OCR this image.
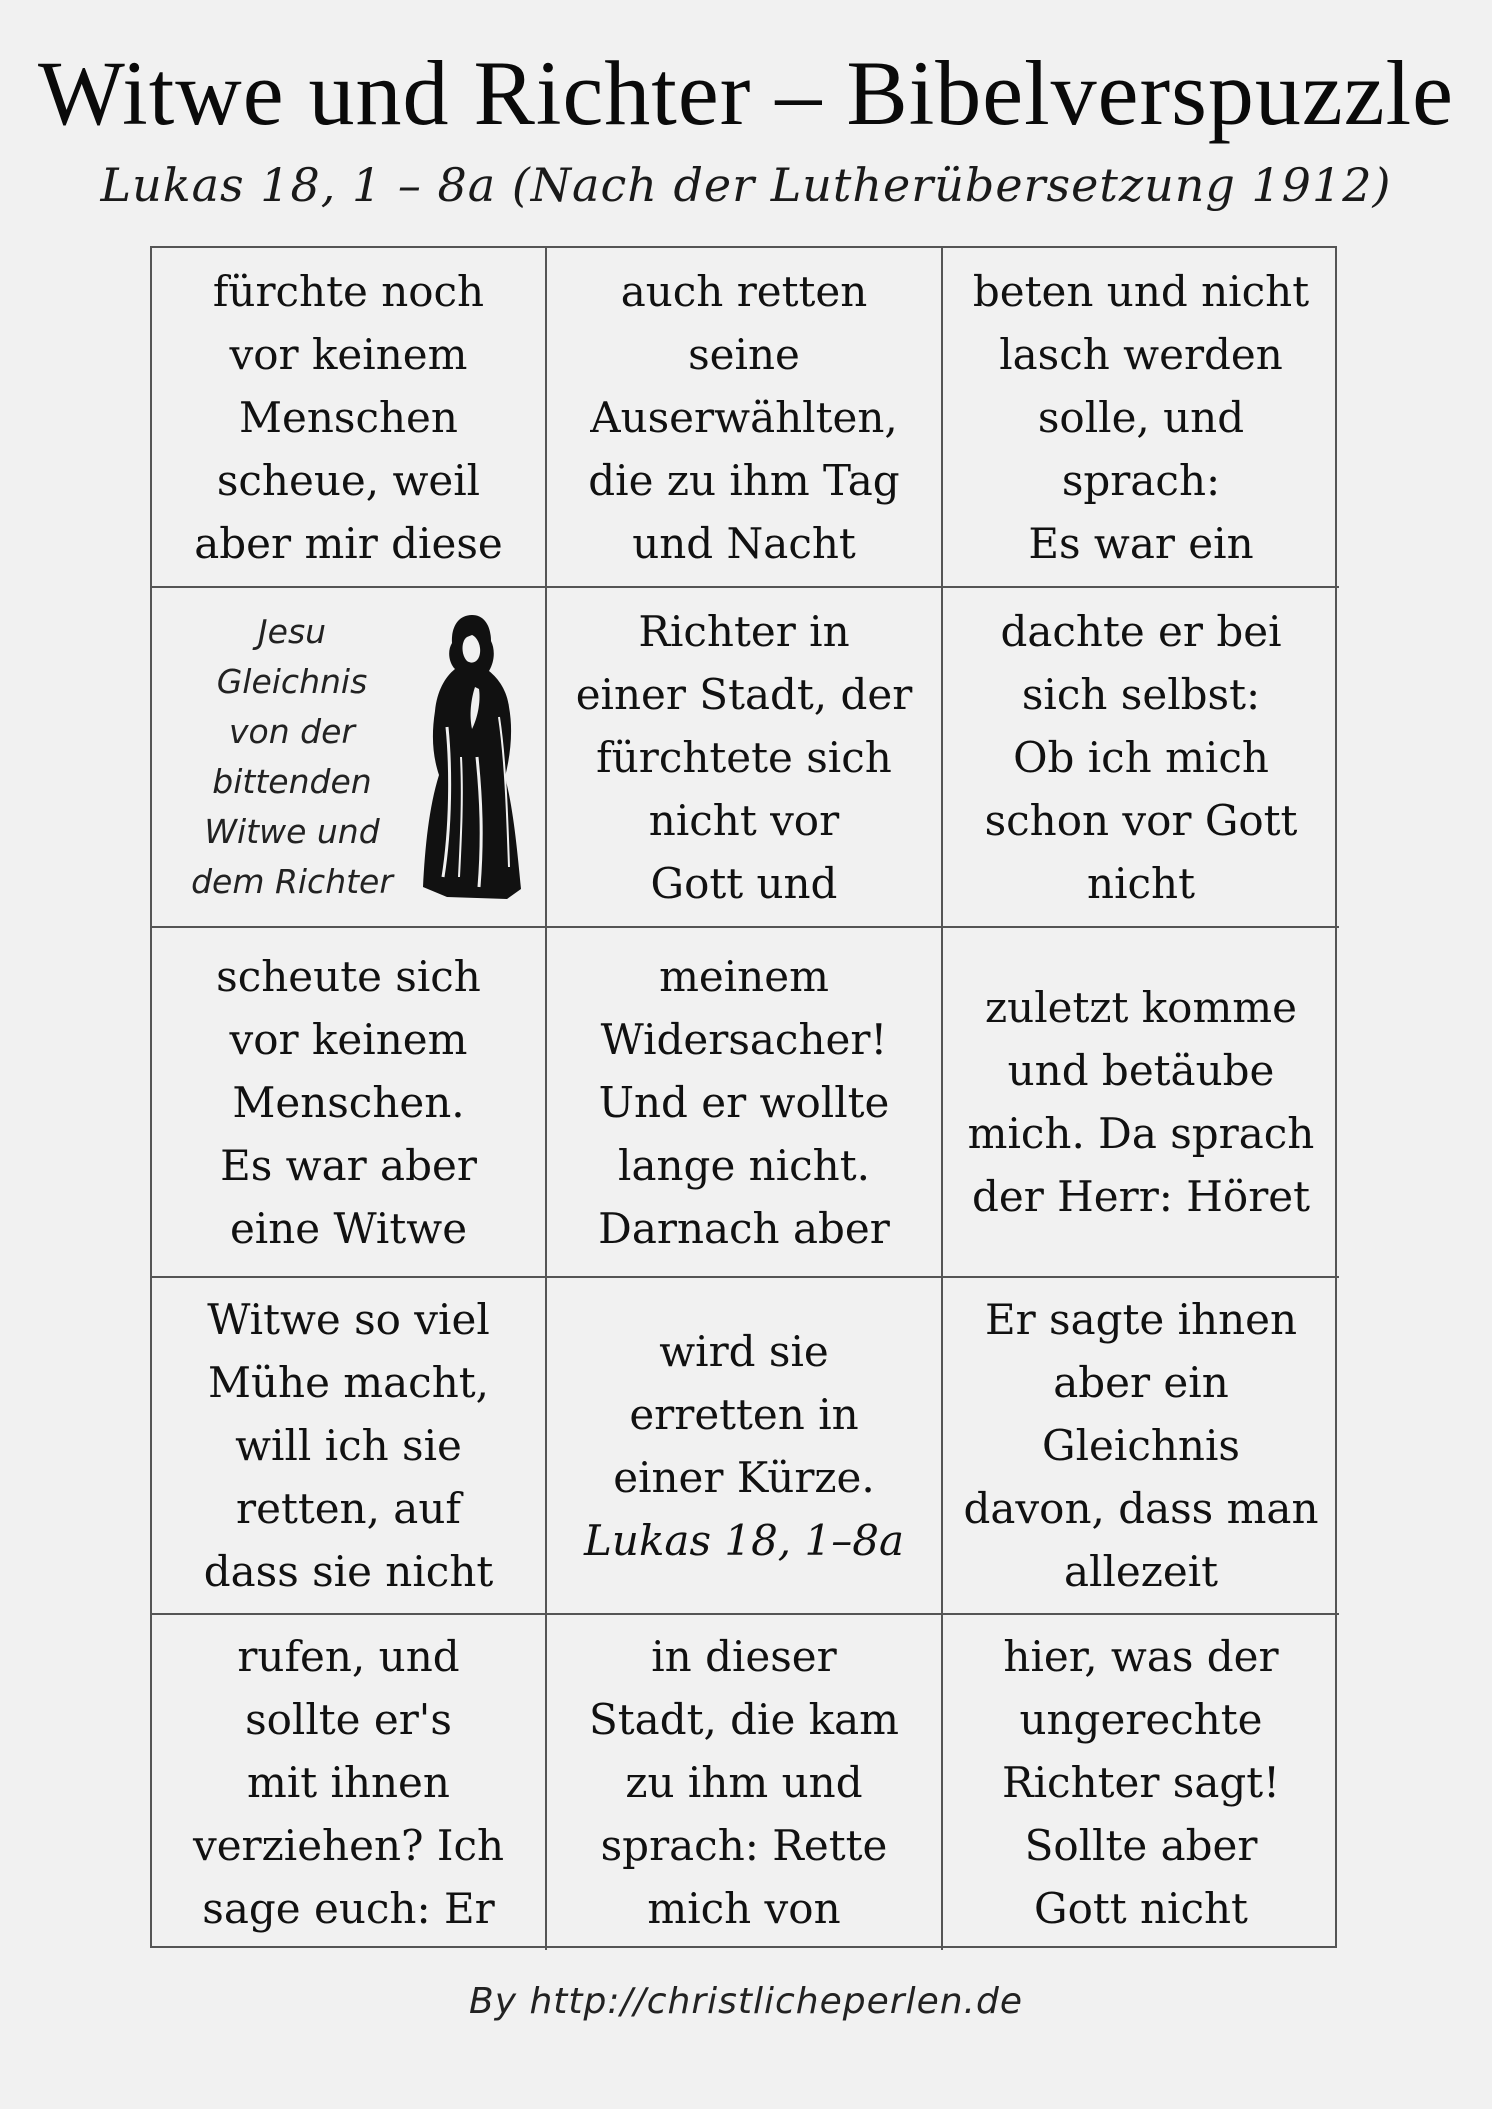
Witwe und Richter – Bibelverspuzzle
Lukas 18, 1 – 8a (Nach der Lutherübersetzung 1912)
fürchte noch
vor keinem
Menschen
scheue, weil
aber mir diese
auch retten
seine
Auserwählten,
die zu ihm Tag
und Nacht
beten und nicht
lasch werden
solle, und
sprach:
Es war ein
Jesu
Gleichnis
von der
bittenden
Witwe und
dem Richter
Richter in
einer Stadt, der
fürchtete sich
nicht vor
Gott und
dachte er bei
sich selbst:
Ob ich mich
schon vor Gott
nicht
scheute sich
vor keinem
Menschen.
Es war aber
eine Witwe
meinem
Widersacher!
Und er wollte
lange nicht.
Darnach aber
zuletzt komme
und betäube
mich. Da sprach
der Herr: Höret
Witwe so viel
Mühe macht,
will ich sie
retten, auf
dass sie nicht

wird sie
erretten in
einer Kürze.

Lukas 18, 1–8a

Er sagte ihnen
aber ein
Gleichnis
davon, dass man
allezeit
rufen, und
sollte er's
mit ihnen
verziehen? Ich
sage euch: Er
in dieser
Stadt, die kam
zu ihm und
sprach: Rette
mich von
hier, was der
ungerechte
Richter sagt!
Sollte aber
Gott nicht
By http://christlicheperlen.de
